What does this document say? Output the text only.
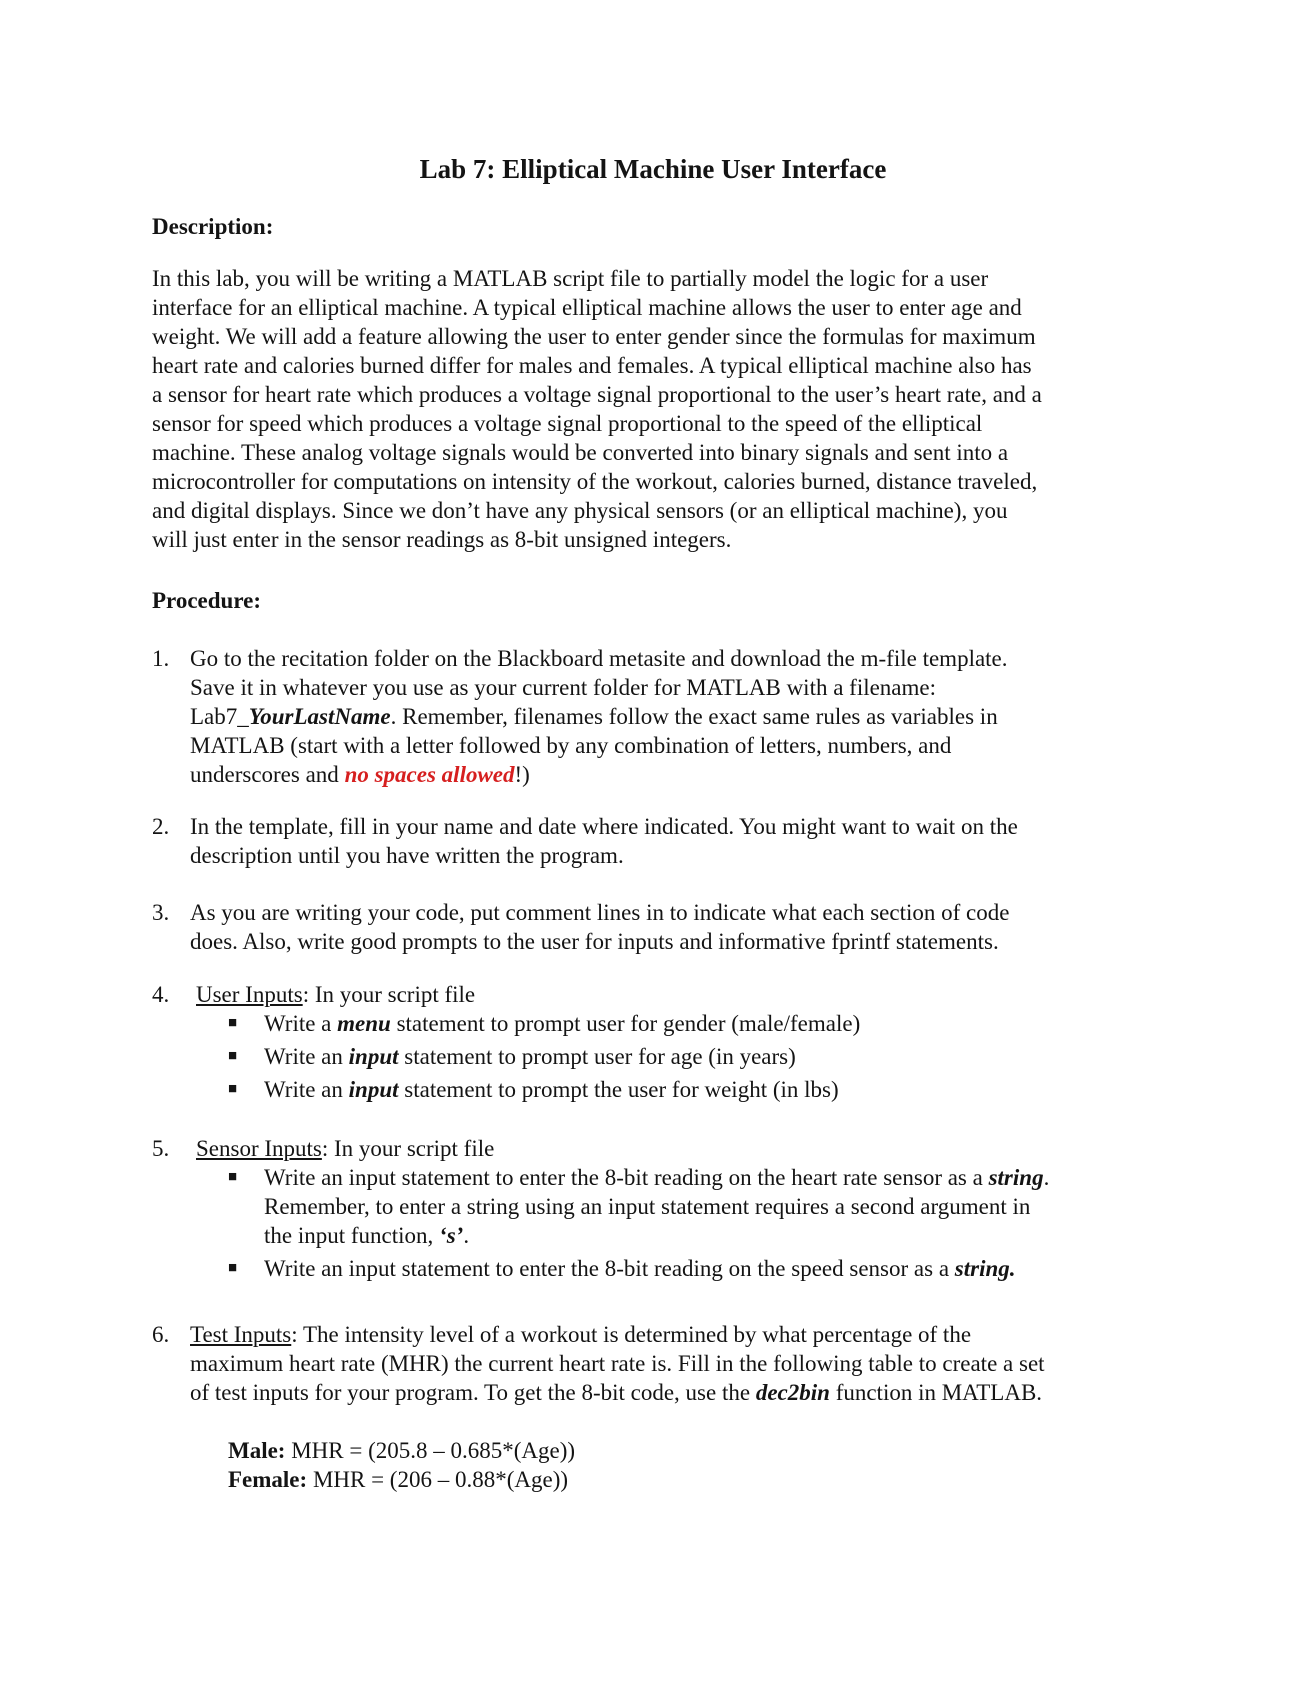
Lab 7: Elliptical Machine User Interface
Description:

In this lab, you will be writing a MATLAB script file to partially model the logic for a user

interface for an elliptical machine. A typical elliptical machine allows the user to enter age and

weight. We will add a feature allowing the user to enter gender since the formulas for maximum

heart rate and calories burned differ for males and females. A typical elliptical machine also has

a sensor for heart rate which produces a voltage signal proportional to the user’s heart rate, and a

sensor for speed which produces a voltage signal proportional to the speed of the elliptical

machine. These analog voltage signals would be converted into binary signals and sent into a

microcontroller for computations on intensity of the workout, calories burned, distance traveled,

and digital displays. Since we don’t have any physical sensors (or an elliptical machine), you

will just enter in the sensor readings as 8-bit unsigned integers.

Procedure:
1. Go to the recitation folder on the Blackboard metasite and download the m-file template.
Save it in whatever you use as your current folder for MATLAB with a filename:
Lab7_YourLastName. Remember, filenames follow the exact same rules as variables in
MATLAB (start with a letter followed by any combination of letters, numbers, and
underscores and no spaces allowed!)
2. In the template, fill in your name and date where indicated. You might want to wait on the
description until you have written the program.
3. As you are writing your code, put comment lines in to indicate what each section of code
does. Also, write good prompts to the user for inputs and informative fprintf statements.
4. User Inputs: In your script file
■ Write a menu statement to prompt user for gender (male/female)
■ Write an input statement to prompt user for age (in years)
■ Write an input statement to prompt the user for weight (in lbs)
5. Sensor Inputs: In your script file
■ Write an input statement to enter the 8-bit reading on the heart rate sensor as a string.
Remember, to enter a string using an input statement requires a second argument in
the input function, ‘s’.
■ Write an input statement to enter the 8-bit reading on the speed sensor as a string.
6. Test Inputs: The intensity level of a workout is determined by what percentage of the
maximum heart rate (MHR) the current heart rate is. Fill in the following table to create a set
of test inputs for your program. To get the 8-bit code, use the dec2bin function in MATLAB.
Male: MHR = (205.8 – 0.685*(Age))
Female: MHR = (206 – 0.88*(Age))
